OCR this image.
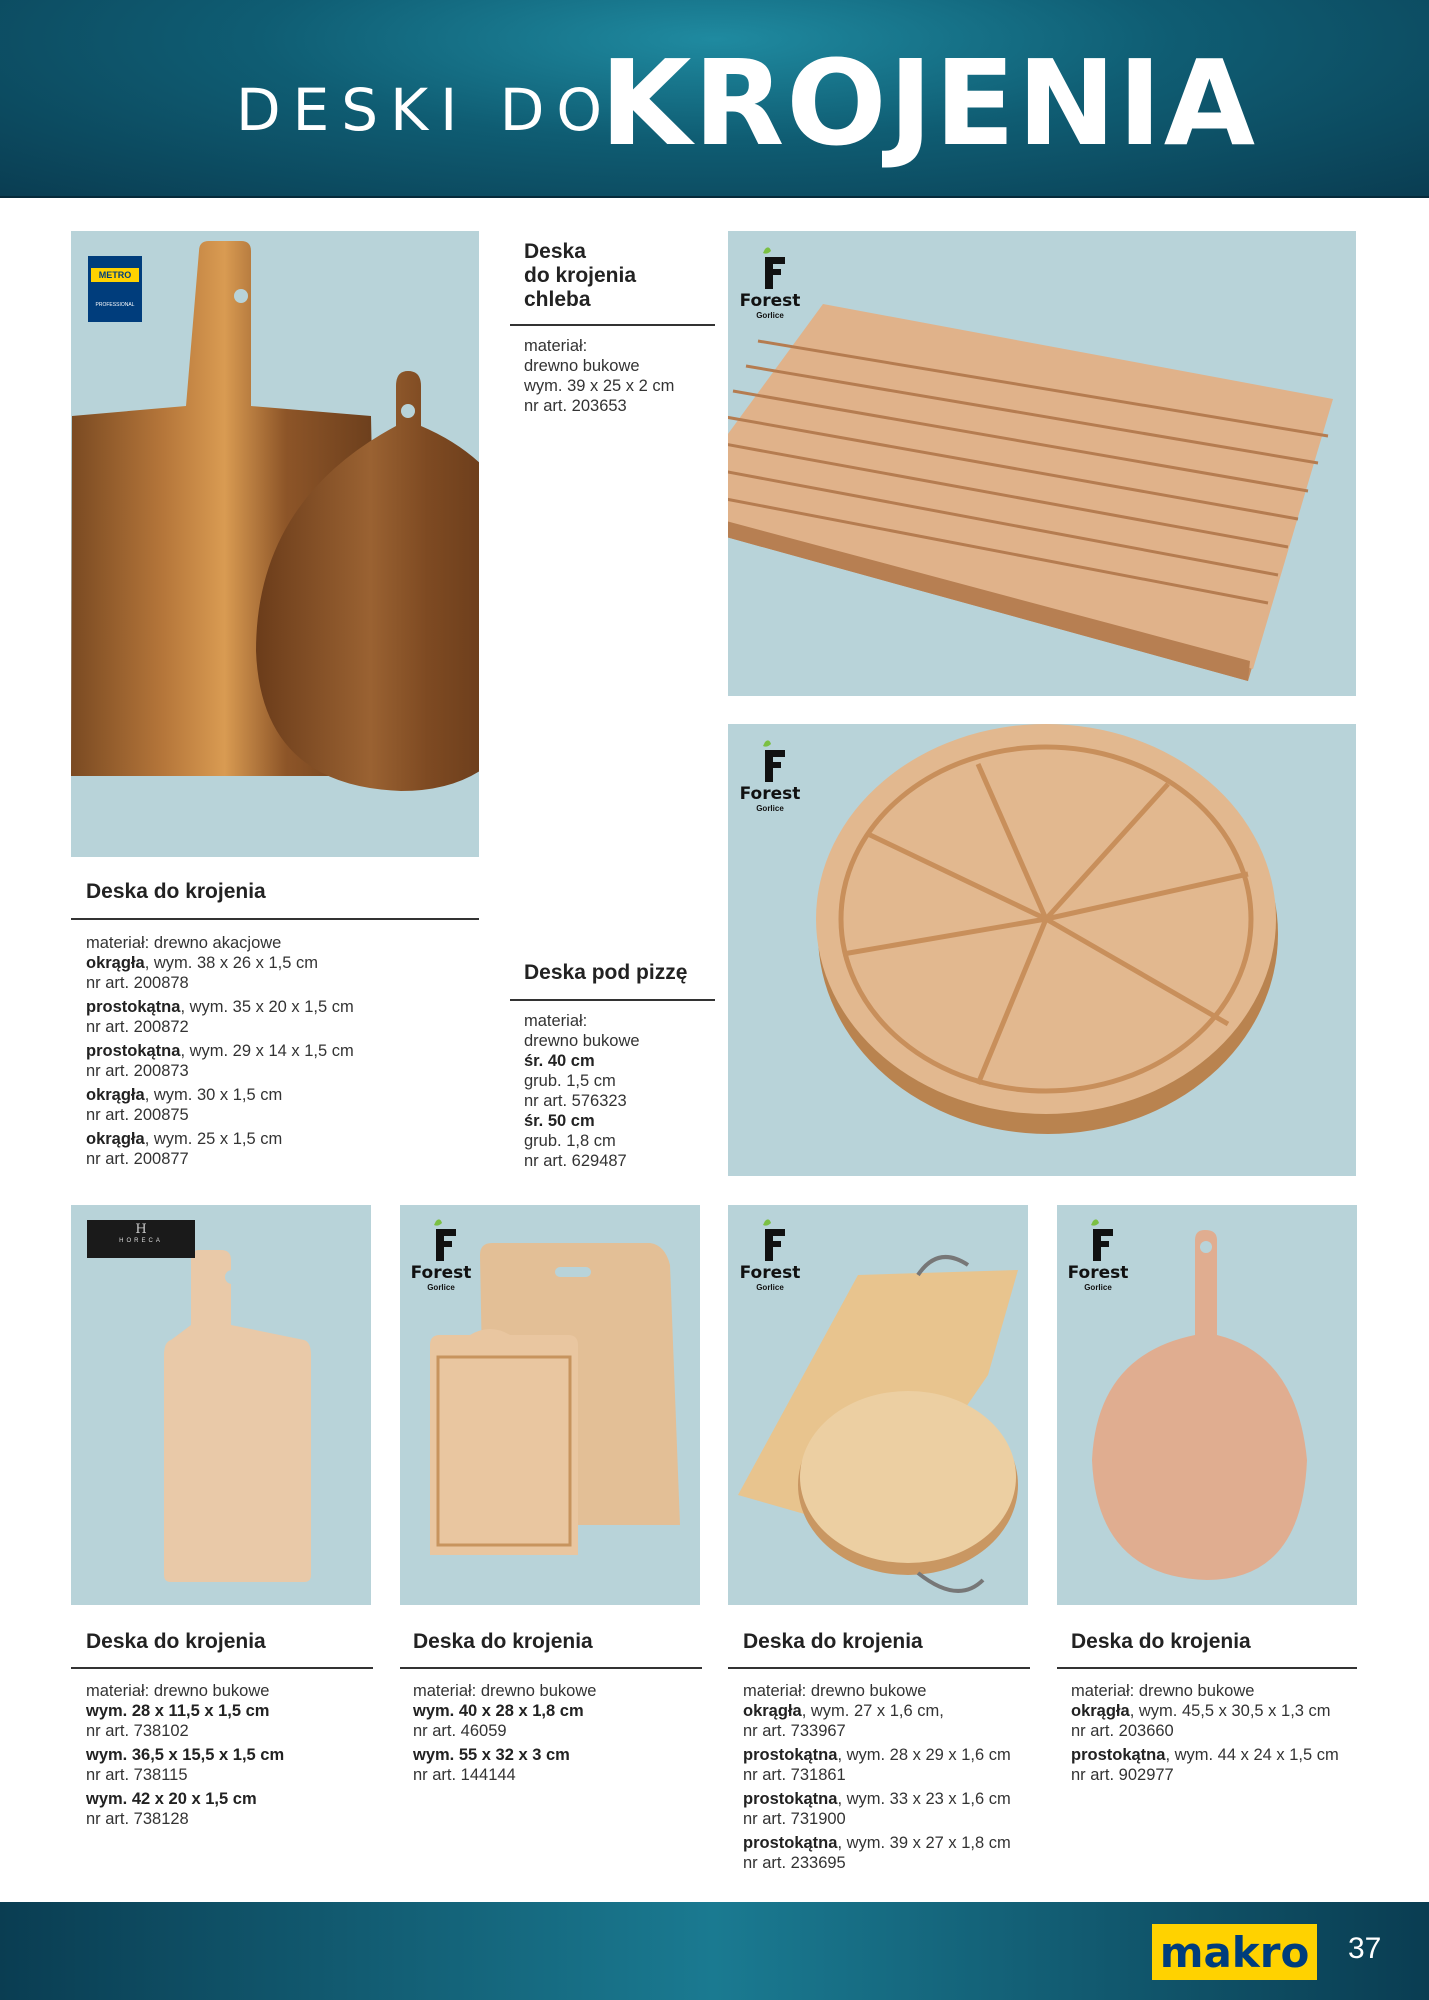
DESKI DO
KROJENIA
METRO
PROFESSIONAL
Deska do krojenia

materiał: drewno akacjowe

okrągła, wym. 38 x 26 x 1,5 cm

nr art. 200878

prostokątna, wym. 35 x 20 x 1,5 cm

nr art. 200872

prostokątna, wym. 29 x 14 x 1,5 cm

nr art. 200873

okrągła, wym. 30 x 1,5 cm

nr art. 200875

okrągła, wym. 25 x 1,5 cm

nr art. 200877

Deska
do krojenia
chleba

materiał:

drewno bukowe

wym. 39 x 25 x 2 cm

nr art. 203653

Forest
Gorlice
Forest
Gorlice
Deska pod pizzę

materiał:

drewno bukowe

śr. 40 cm

grub. 1,5 cm

nr art. 576323

śr. 50 cm

grub. 1,8 cm

nr art. 629487

H
HORECA
Forest
Gorlice
Forest
Gorlice
Forest
Gorlice
Deska do krojenia

materiał: drewno bukowe

wym. 28 x 11,5 x 1,5 cm

nr art. 738102

wym. 36,5 x 15,5 x 1,5 cm

nr art. 738115

wym. 42 x 20 x 1,5 cm

nr art. 738128

Deska do krojenia

materiał: drewno bukowe

wym. 40 x 28 x 1,8 cm

nr art. 46059

wym. 55 x 32 x 3 cm

nr art. 144144

Deska do krojenia

materiał: drewno bukowe

okrągła, wym. 27 x 1,6 cm,

nr art. 733967

prostokątna, wym. 28 x 29 x 1,6 cm

nr art. 731861

prostokątna, wym. 33 x 23 x 1,6 cm

nr art. 731900

prostokątna, wym. 39 x 27 x 1,8 cm

nr art. 233695

Deska do krojenia

materiał: drewno bukowe

okrągła, wym. 45,5 x 30,5 x 1,3 cm

nr art. 203660

prostokątna, wym. 44 x 24 x 1,5 cm

nr art. 902977

makro 37
